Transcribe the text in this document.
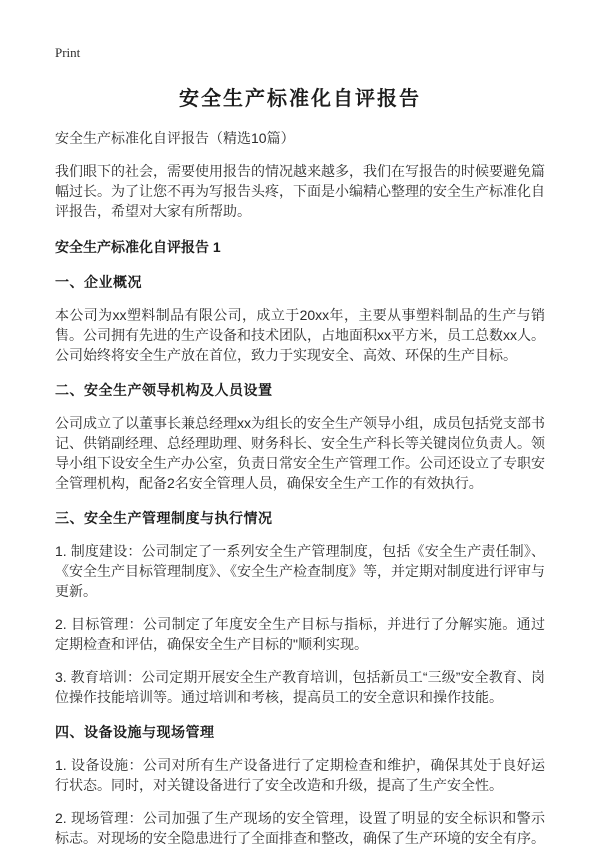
Print
安全生产标准化自评报告
安全生产标准化自评报告（精选10篇）

我们眼下的社会，需要使用报告的情况越来越多，我们在写报告的时候要避免篇幅过长。为了让您不再为写报告头疼，下面是小编精心整理的安全生产标准化自评报告，希望对大家有所帮助。

安全生产标准化自评报告 1
一、企业概况

本公司为xx塑料制品有限公司，成立于20xx年，主要从事塑料制品的生产与销售。公司拥有先进的生产设备和技术团队，占地面积xx平方米，员工总数xx人。公司始终将安全生产放在首位，致力于实现安全、高效、环保的生产目标。

二、安全生产领导机构及人员设置

公司成立了以董事长兼总经理xx为组长的安全生产领导小组，成员包括党支部书记、供销副经理、总经理助理、财务科长、安全生产科长等关键岗位负责人。领导小组下设安全生产办公室，负责日常安全生产管理工作。公司还设立了专职安全管理机构，配备2名安全管理人员，确保安全生产工作的有效执行。

三、安全生产管理制度与执行情况

1. 制度建设：公司制定了一系列安全生产管理制度，包括《安全生产责任制》、《安全生产目标管理制度》、《安全生产检查制度》等，并定期对制度进行评审与更新。

2. 目标管理：公司制定了年度安全生产目标与指标，并进行了分解实施。通过定期检查和评估，确保安全生产目标的"顺利实现。

3. 教育培训：公司定期开展安全生产教育培训，包括新员工“三级”安全教育、岗位操作技能培训等。通过培训和考核，提高员工的安全意识和操作技能。

四、设备设施与现场管理

1. 设备设施：公司对所有生产设备进行了定期检查和维护，确保其处于良好运行状态。同时，对关键设备进行了安全改造和升级，提高了生产安全性。

2. 现场管理：公司加强了生产现场的安全管理，设置了明显的安全标识和警示标志。对现场的安全隐患进行了全面排查和整改，确保了生产环境的安全有序。
